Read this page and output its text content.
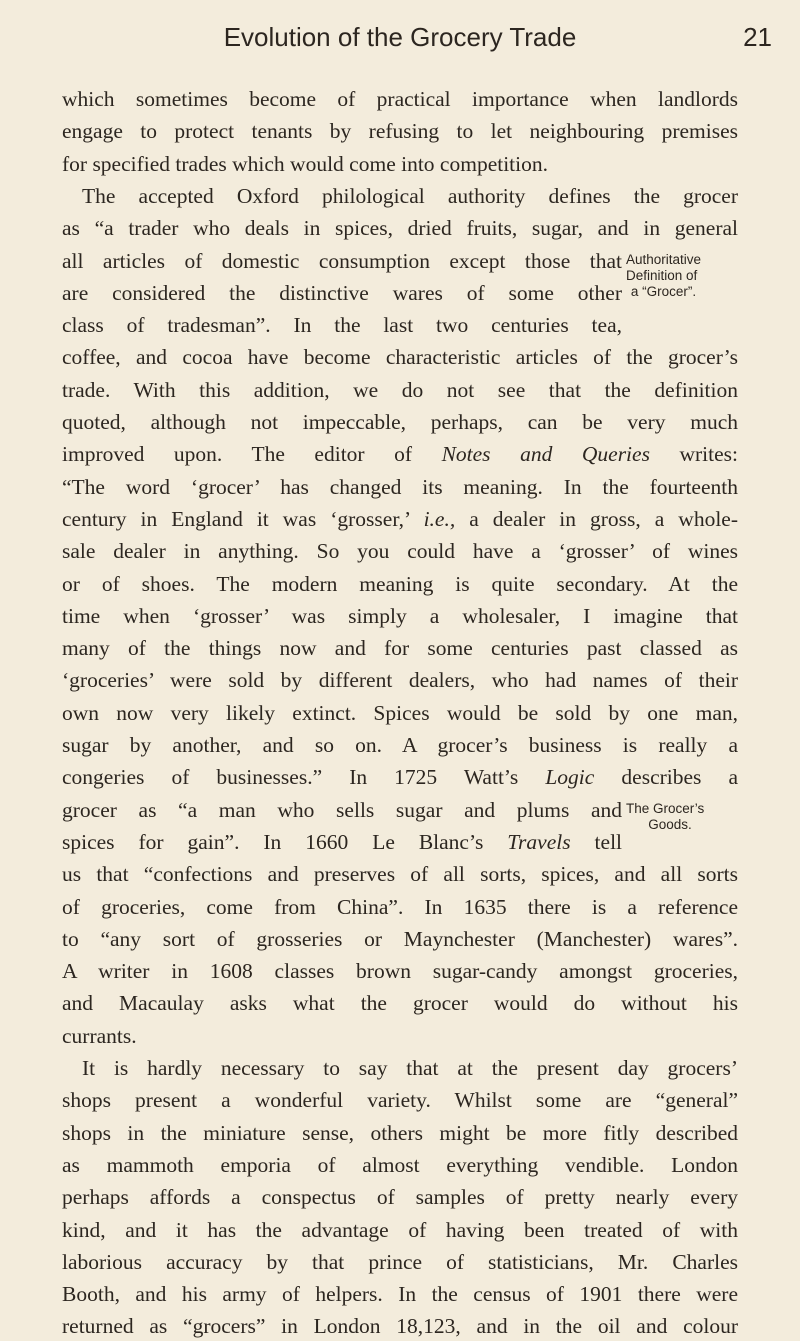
Evolution of the Grocery Trade	21
which sometimes become of practical importance when landlords
engage to protect tenants by refusing to let neighbouring premises
for specified trades which would come into competition.
The accepted Oxford philological authority defines the grocer
as “a trader who deals in spices, dried fruits, sugar, and in general
all articles of domestic consumption except those that
are considered the distinctive wares of some other
class of tradesman”. In the last two centuries tea,
coffee, and cocoa have become characteristic articles of the grocer’s
trade. With this addition, we do not see that the definition
quoted, although not impeccable, perhaps, can be very much
improved upon. The editor of Notes and Queries writes:
“The word ‘grocer’ has changed its meaning. In the fourteenth
century in England it was ‘grosser,’ i.e., a dealer in gross, a whole-
sale dealer in anything. So you could have a ‘grosser’ of wines
or of shoes. The modern meaning is quite secondary. At the
time when ‘grosser’ was simply a wholesaler, I imagine that
many of the things now and for some centuries past classed as
‘groceries’ were sold by different dealers, who had names of their
own now very likely extinct. Spices would be sold by one man,
sugar by another, and so on. A grocer’s business is really a
congeries of businesses.” In 1725 Watt’s Logic describes a
grocer as “a man who sells sugar and plums and
spices for gain”. In 1660 Le Blanc’s Travels tell
us that “confections and preserves of all sorts, spices, and all sorts
of groceries, come from China”. In 1635 there is a reference
to “any sort of grosseries or Maynchester (Manchester) wares”.
A writer in 1608 classes brown sugar-candy amongst groceries,
and Macaulay asks what the grocer would do without his
currants.
It is hardly necessary to say that at the present day grocers’
shops present a wonderful variety. Whilst some are “general”
shops in the miniature sense, others might be more fitly described
as mammoth emporia of almost everything vendible. London
perhaps affords a conspectus of samples of pretty nearly every
kind, and it has the advantage of having been treated of with
laborious accuracy by that prince of statisticians, Mr. Charles
Booth, and his army of helpers. In the census of 1901 there were
Authoritative
Definition of
a “Grocer”.
The Grocer’s
Goods.
returned as “grocers” in London 18,123, and in the oil and colour
